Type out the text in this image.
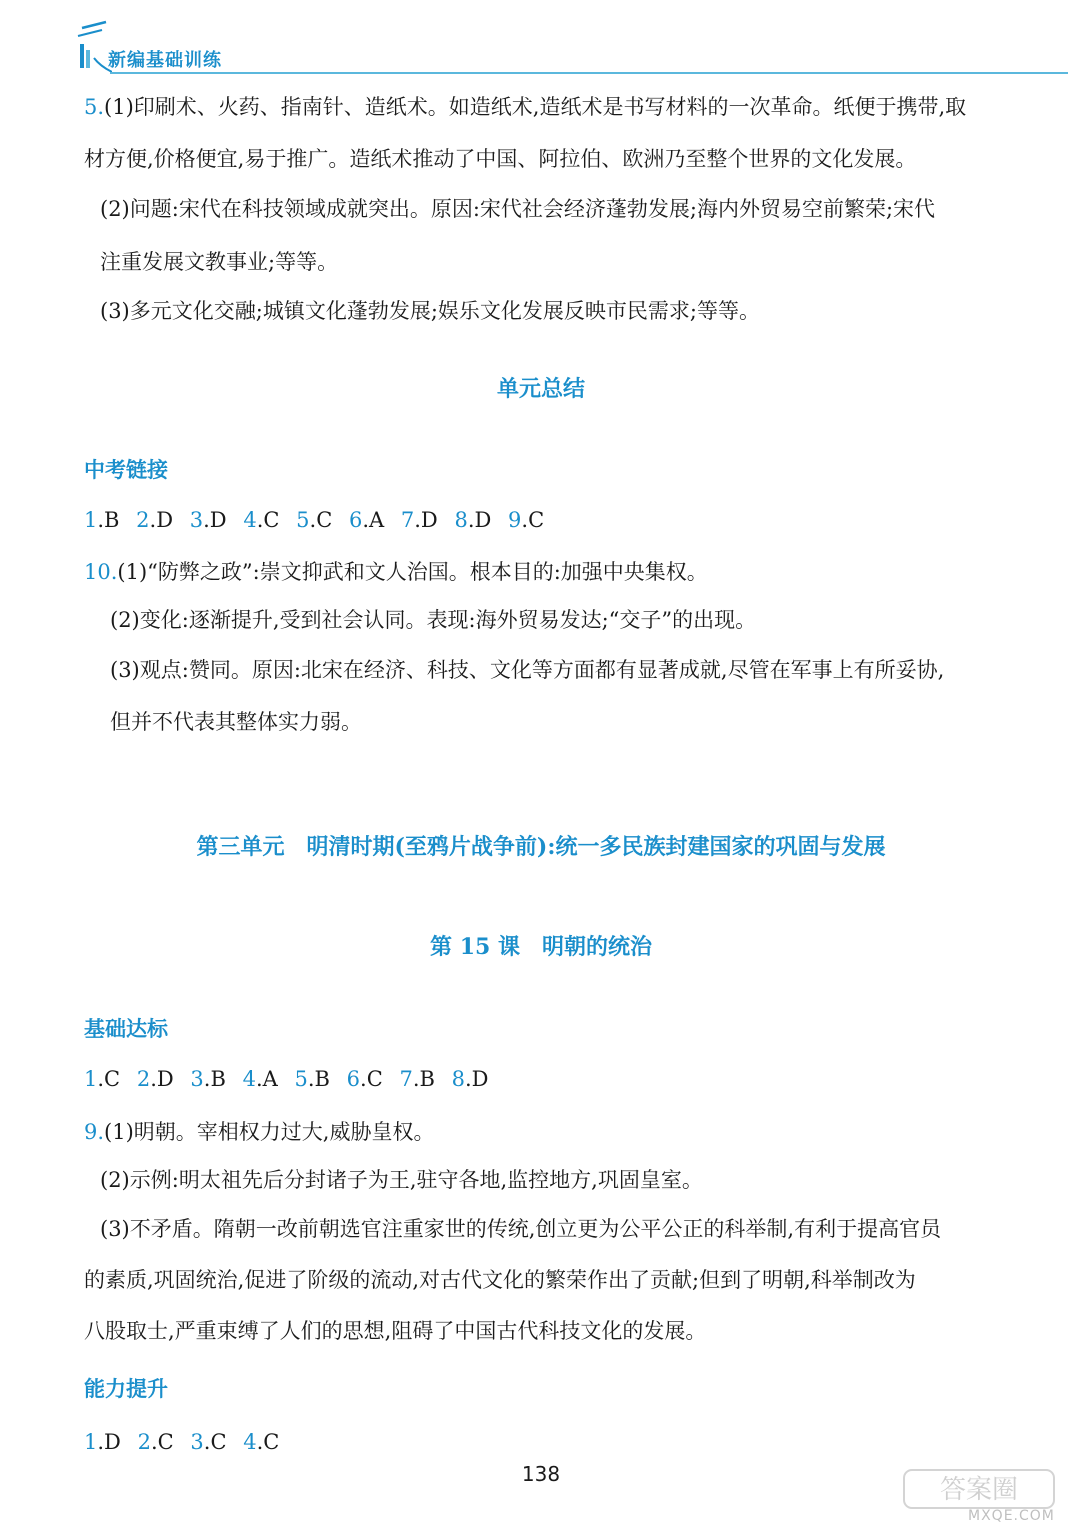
新编基础训练
5.(1)印刷术、火药、指南针、造纸术。如造纸术,造纸术是书写材料的一次革命。纸便于携带,取
材方便,价格便宜,易于推广。造纸术推动了中国、阿拉伯、欧洲乃至整个世界的文化发展。
(2)问题:宋代在科技领域成就突出。原因:宋代社会经济蓬勃发展;海内外贸易空前繁荣;宋代
注重发展文教事业;等等。
(3)多元文化交融;城镇文化蓬勃发展;娱乐文化发展反映市民需求;等等。
单元总结
中考链接
1.B 2.D 3.D 4.C 5.C 6.A 7.D 8.D 9.C
10.(1)“防弊之政”:崇文抑武和文人治国。根本目的:加强中央集权。
(2)变化:逐渐提升,受到社会认同。表现:海外贸易发达;“交子”的出现。
(3)观点:赞同。原因:北宋在经济、科技、文化等方面都有显著成就,尽管在军事上有所妥协,
但并不代表其整体实力弱。
第三单元　明清时期(至鸦片战争前):统一多民族封建国家的巩固与发展
第 15 课　明朝的统治
基础达标
1.C 2.D 3.B 4.A 5.B 6.C 7.B 8.D
9.(1)明朝。宰相权力过大,威胁皇权。
(2)示例:明太祖先后分封诸子为王,驻守各地,监控地方,巩固皇室。
(3)不矛盾。隋朝一改前朝选官注重家世的传统,创立更为公平公正的科举制,有利于提高官员
的素质,巩固统治,促进了阶级的流动,对古代文化的繁荣作出了贡献;但到了明朝,科举制改为
八股取士,严重束缚了人们的思想,阻碍了中国古代科技文化的发展。
能力提升
1.D 2.C 3.C 4.C
138
答案圈
MXQE.COM
